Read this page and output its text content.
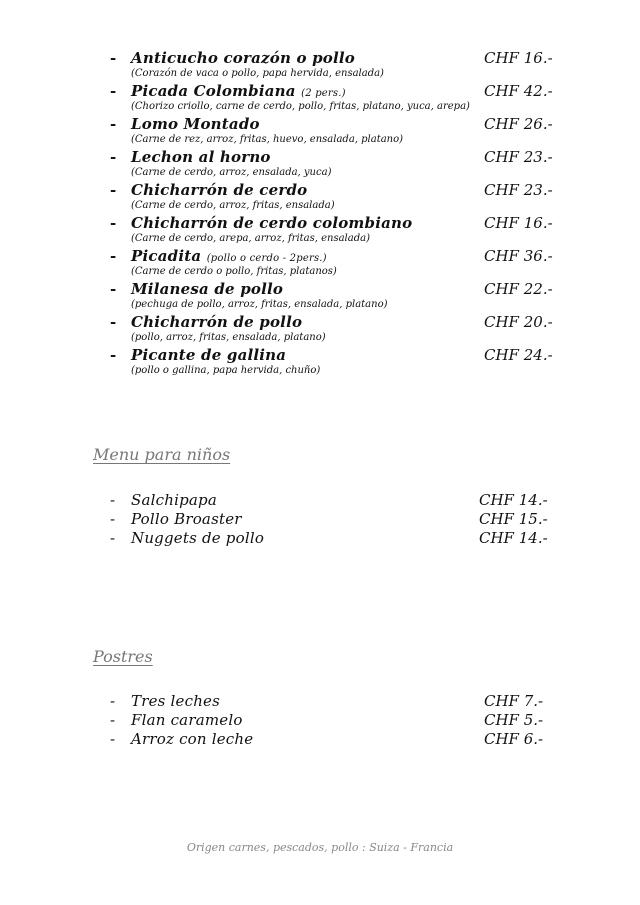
- Anticucho corazón o pollo	CHF 16.-
(Corazón de vaca o pollo, papa hervida, ensalada)
- Picada Colombiana (2 pers.)	CHF 42.-
(Chorizo criollo, carne de cerdo, pollo, fritas, platano, yuca, arepa)
- Lomo Montado	CHF 26.-
(Carne de rez, arroz, fritas, huevo, ensalada, platano)
- Lechon al horno	CHF 23.-
(Carne de cerdo, arroz, ensalada, yuca)
- Chicharrón de cerdo	CHF 23.-
(Carne de cerdo, arroz, fritas, ensalada)
- Chicharrón de cerdo colombiano	CHF 16.-
(Carne de cerdo, arepa, arroz, fritas, ensalada)
- Picadita (pollo o cerdo - 2pers.)	CHF 36.-
(Carne de cerdo o pollo, fritas, platanos)
- Milanesa de pollo	CHF 22.-
(pechuga de pollo, arroz, fritas, ensalada, platano)
- Chicharrón de pollo	CHF 20.-
(pollo, arroz, fritas, ensalada, platano)
- Picante de gallina	CHF 24.-
(pollo o gallina, papa hervida, chuño)
Menu para niños
- Salchipapa	CHF 14.-
- Pollo Broaster	CHF 15.-
- Nuggets de pollo	CHF 14.-
Postres
- Tres leches	CHF 7.-
- Flan caramelo	CHF 5.-
- Arroz con leche	CHF 6.-
Origen carnes, pescados, pollo : Suiza - Francia
